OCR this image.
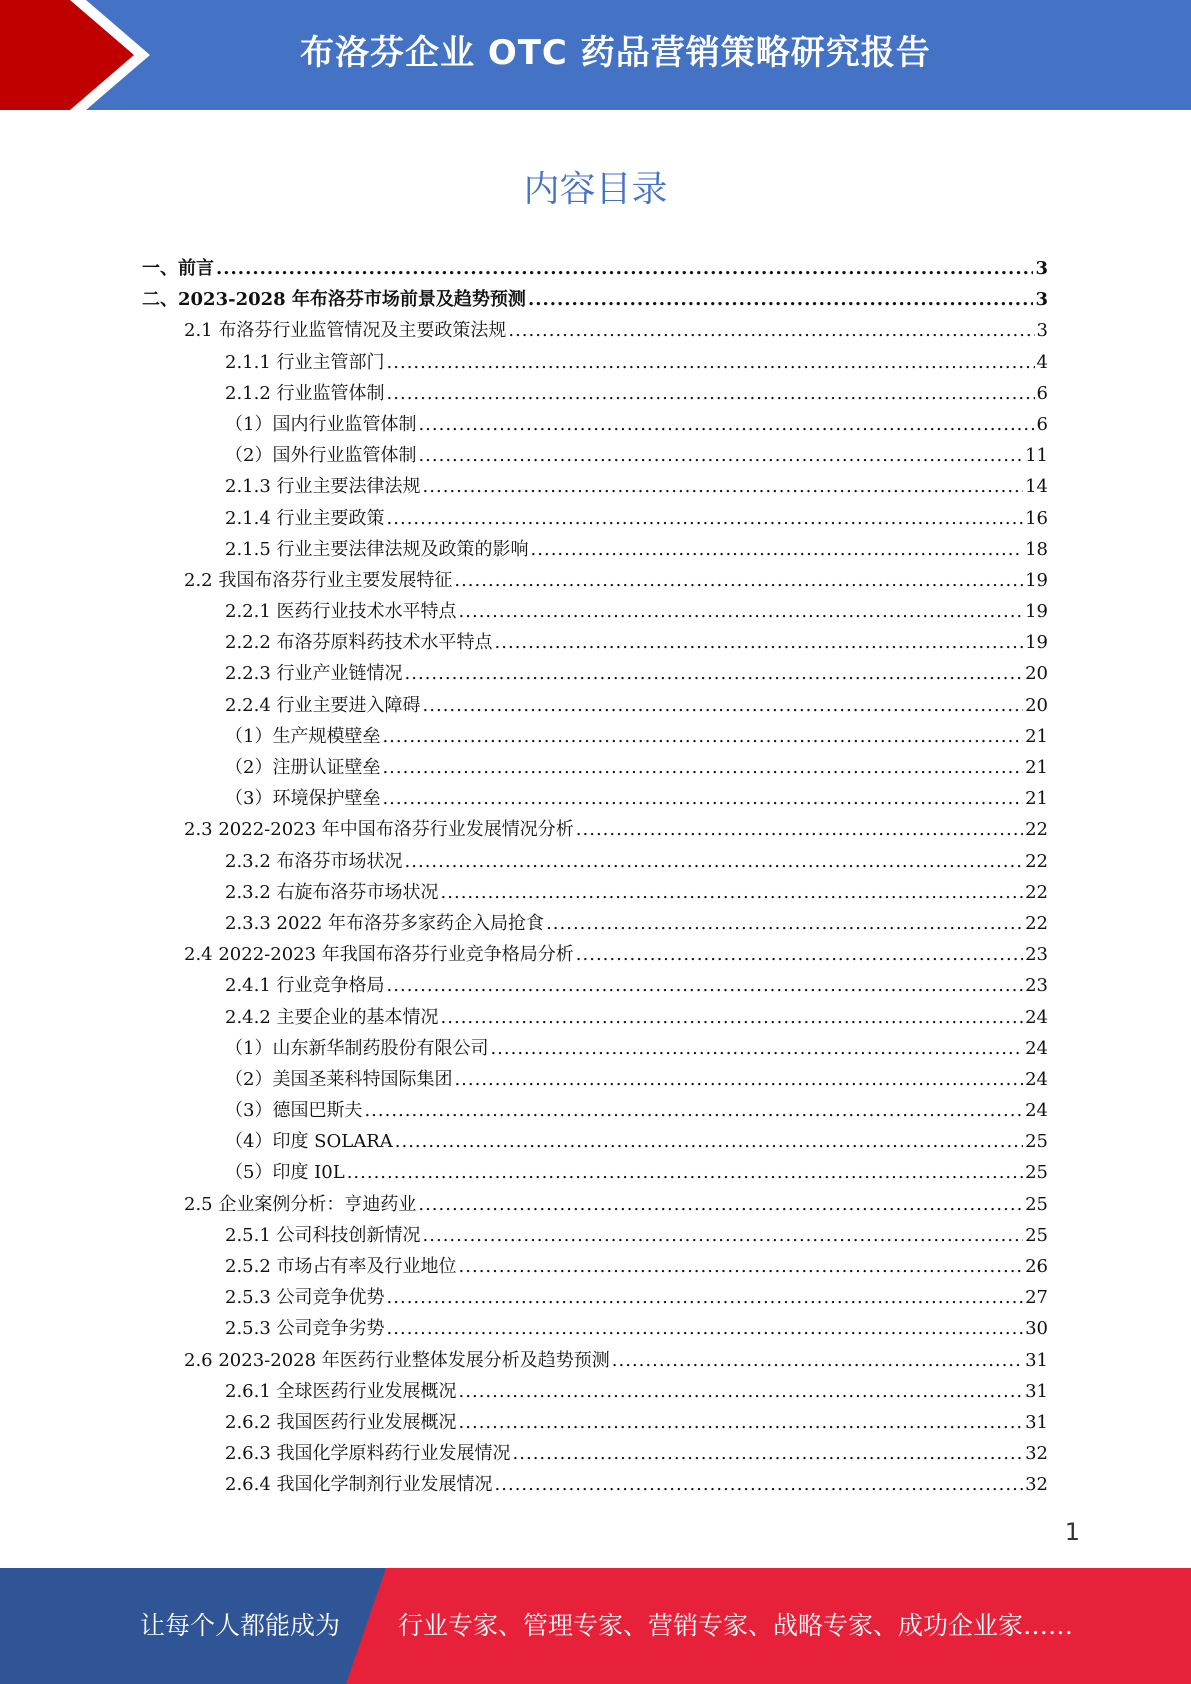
布洛芬企业 OTC 药品营销策略研究报告
内容目录
一、前言 .....	3
二、2023-2028 年布洛芬市场前景及趋势预测 .....	3
2.1 布洛芬行业监管情况及主要政策法规 .....	3
2.1.1 行业主管部门 .....	4
2.1.2 行业监管体制 .....	6
（1）国内行业监管体制 .....	6
（2）国外行业监管体制 .....	11
2.1.3 行业主要法律法规 .....	14
2.1.4 行业主要政策 .....	16
2.1.5 行业主要法律法规及政策的影响 .....	18
2.2 我国布洛芬行业主要发展特征 .....	19
2.2.1 医药行业技术水平特点 .....	19
2.2.2 布洛芬原料药技术水平特点 .....	19
2.2.3 行业产业链情况 .....	20
2.2.4 行业主要进入障碍 .....	20
（1）生产规模壁垒 .....	21
（2）注册认证壁垒 .....	21
（3）环境保护壁垒 .....	21
2.3 2022-2023 年中国布洛芬行业发展情况分析 .....	22
2.3.2 布洛芬市场状况 .....	22
2.3.2 右旋布洛芬市场状况 .....	22
2.3.3 2022 年布洛芬多家药企入局抢食 .....	22
2.4 2022-2023 年我国布洛芬行业竞争格局分析 .....	23
2.4.1 行业竞争格局 .....	23
2.4.2 主要企业的基本情况 .....	24
（1）山东新华制药股份有限公司 .....	24
（2）美国圣莱科特国际集团 .....	24
（3）德国巴斯夫 .....	24
（4）印度 SOLARA .....	25
（5）印度 I0L .....	25
2.5 企业案例分析：亨迪药业 .....	25
2.5.1 公司科技创新情况 .....	25
2.5.2 市场占有率及行业地位 .....	26
2.5.3 公司竞争优势 .....	27
2.5.3 公司竞争劣势 .....	30
2.6 2023-2028 年医药行业整体发展分析及趋势预测 .....	31
2.6.1 全球医药行业发展概况 .....	31
2.6.2 我国医药行业发展概况 .....	31
2.6.3 我国化学原料药行业发展情况 .....	32
2.6.4 我国化学制剂行业发展情况 .....	32
1
让每个人都能成为 行业专家、管理专家、营销专家、战略专家、成功企业家……
